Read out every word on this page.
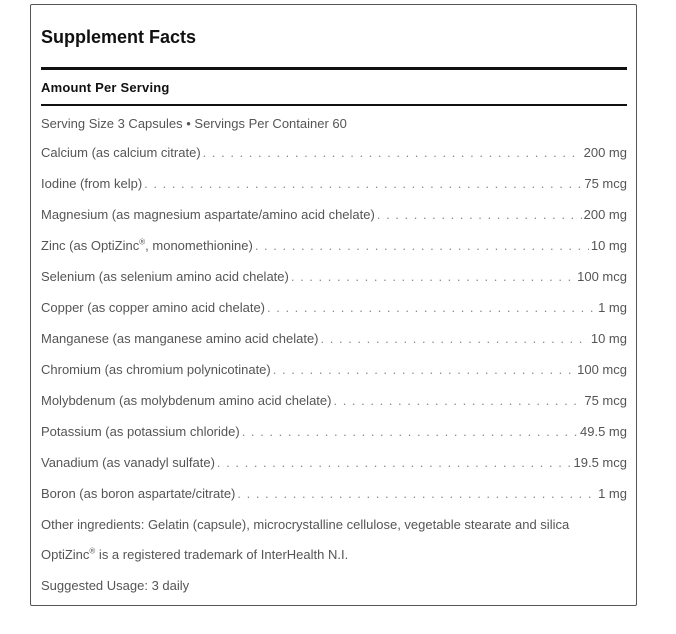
Supplement Facts
Amount Per Serving
Serving Size 3 Capsules • Servings Per Container 60
Calcium (as calcium citrate) . . .	200 mg
Iodine (from kelp) . . .	75 mcg
Magnesium (as magnesium aspartate/amino acid chelate) . . .	200 mg
Zinc (as OptiZinc®, monomethionine) . . .	10 mg
Selenium (as selenium amino acid chelate) . . .	100 mcg
Copper (as copper amino acid chelate) . . .	1 mg
Manganese (as manganese amino acid chelate) . . .	10 mg
Chromium (as chromium polynicotinate) . . .	100 mcg
Molybdenum (as molybdenum amino acid chelate) . . .	75 mcg
Potassium (as potassium chloride) . . .	49.5 mg
Vanadium (as vanadyl sulfate) . . .	19.5 mcg
Boron (as boron aspartate/citrate) . . .	1 mg
Other ingredients: Gelatin (capsule), microcrystalline cellulose, vegetable stearate and silica
OptiZinc® is a registered trademark of InterHealth N.I.
Suggested Usage: 3 daily
